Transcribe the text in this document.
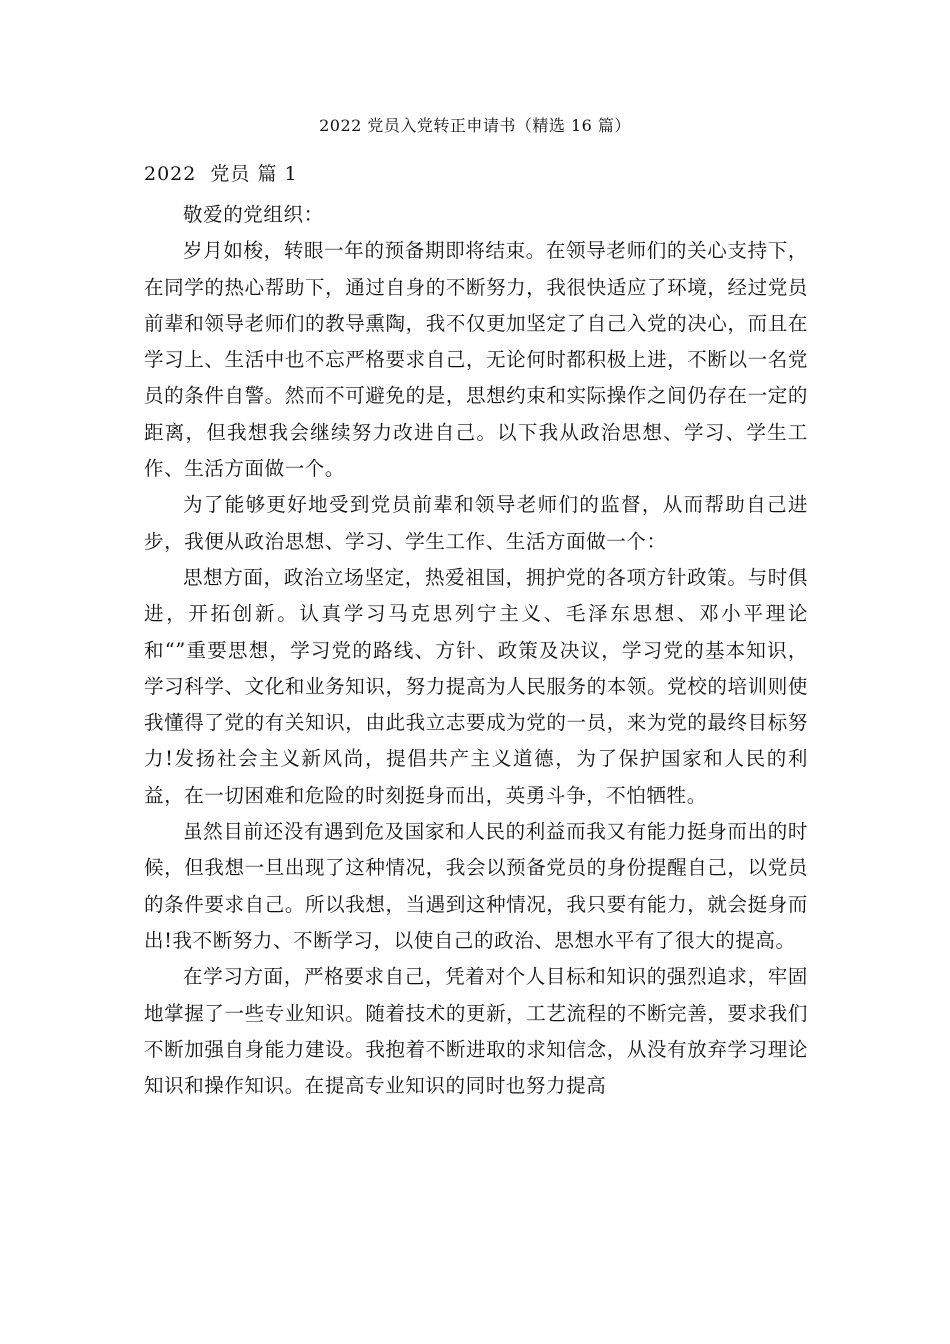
2022 党员入党转正申请书（精选 16 篇）
2022  党员 篇 1

敬爱的党组织：

岁月如梭，转眼一年的预备期即将结束。在领导老师们的关心支持下，在同学的热心帮助下，通过自身的不断努力，我很快适应了环境，经过党员前辈和领导老师们的教导熏陶，我不仅更加坚定了自己入党的决心，而且在学习上、生活中也不忘严格要求自己，无论何时都积极上进，不断以一名党员的条件自警。然而不可避免的是，思想约束和实际操作之间仍存在一定的距离，但我想我会继续努力改进自己。以下我从政治思想、学习、学生工作、生活方面做一个。

为了能够更好地受到党员前辈和领导老师们的监督，从而帮助自己进步，我便从政治思想、学习、学生工作、生活方面做一个：

思想方面，政治立场坚定，热爱祖国，拥护党的各项方针政策。与时俱进，开拓创新。认真学习马克思列宁主义、毛泽东思想、邓小平理论和“”重要思想，学习党的路线、方针、政策及决议，学习党的基本知识，学习科学、文化和业务知识，努力提高为人民服务的本领。党校的培训则使我懂得了党的有关知识，由此我立志要成为党的一员，来为党的最终目标努力!发扬社会主义新风尚，提倡共产主义道德，为了保护国家和人民的利益，在一切困难和危险的时刻挺身而出，英勇斗争，不怕牺牲。

虽然目前还没有遇到危及国家和人民的利益而我又有能力挺身而出的时候，但我想一旦出现了这种情况，我会以预备党员的身份提醒自己，以党员的条件要求自己。所以我想，当遇到这种情况，我只要有能力，就会挺身而出!我不断努力、不断学习，以使自己的政治、思想水平有了很大的提高。

在学习方面，严格要求自己，凭着对个人目标和知识的强烈追求，牢固地掌握了一些专业知识。随着技术的更新，工艺流程的不断完善，要求我们不断加强自身能力建设。我抱着不断进取的求知信念，从没有放弃学习理论知识和操作知识。在提高专业知识的同时也努力提高
